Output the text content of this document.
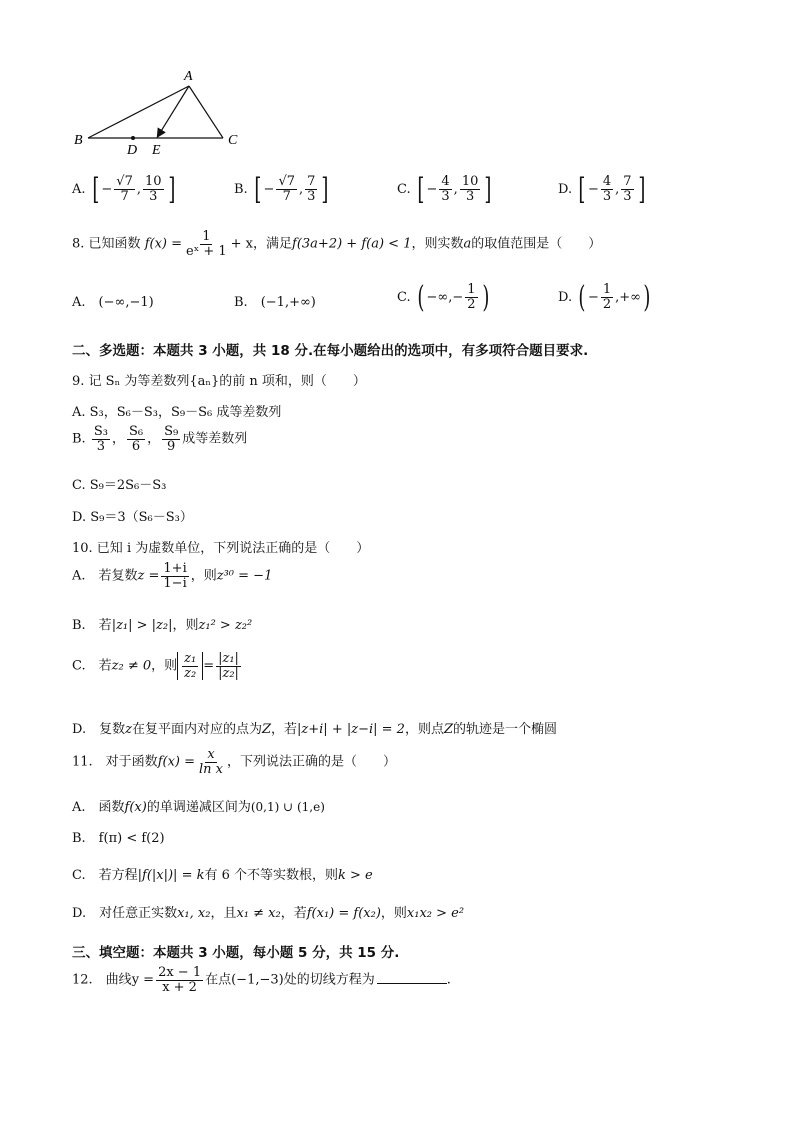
A
B	C
D E
A. [ − $\frac{√7}{7}$ , $\frac{10}{3}$ ]	B. [ − $\frac{√7}{7}$ , $\frac{7}{3}$ ]	C. [ − $\frac{4}{3}$ , $\frac{10}{3}$ ]	D. [ − $\frac{4}{3}$ , $\frac{7}{3}$ ]
8. 已知函数 $f(x) = \frac{1}{\text{eˣ + 1}} + x$，满足f(3a+2) + f(a) < 1，则实数a的取值范围是（　　）
A.　 (−∞,−1)	B.　 (−1,+∞)	C. ( −∞,− $\frac{1}{2}$ )	D. ( − $\frac{1}{2}$ ,+∞)
二、多选题：本题共 3 小题，共 18 分.在每小题给出的选项中，有多项符合题目要求.
9. 记 Sₙ 为等差数列{aₙ}的前 n 项和，则（　　）
A. S₃，S₆－S₃，S₉－S₆ 成等差数列
B. $\frac{\text{S₃}}{3}$ ， $\frac{\text{S₆}}{6}$ ， $\frac{\text{S₉}}{9}$ 成等差数列
C. S₉＝2S₆－S₃
D. S₉＝3（S₆－S₃）
10. 已知 i 为虚数单位，下列说法正确的是（　　）
A.　若复数$z = \frac{1+i}{1-i}$ ，则z³⁰ = −1
B.　若|z₁| > |z₂|，则z₁² > z₂²
C.　若z₂ ≠ 0，则 $\frac{\text{z₁}}{\text{z₂}} = \frac{\text{|z₁|}}{\text{|z₂|}}$
D.　复数z在复平面内对应的点为Z，若|z+i| + |z−i| = 2，则点Z的轨迹是一个椭圆
11.　对于函数$f(x) = \frac{x}{\text{ln x}}$ ，下列说法正确的是（　　）
A.　函数f(x)的单调递减区间为(0,1) ∪ (1,e)
B.　f(π) < f(2)
C.　若方程|f(|x|)| = k有 6 个不等实数根，则k > e
D.　对任意正实数x₁, x₂，且x₁ ≠ x₂，若f(x₁) = f(x₂)，则x₁x₂ > e²
三、填空题：本题共 3 小题，每小题 5 分，共 15 分.
12.　曲线$y = \frac{2x - 1}{x + 2}$ 在点(−1,−3)处的切线方程为	.
